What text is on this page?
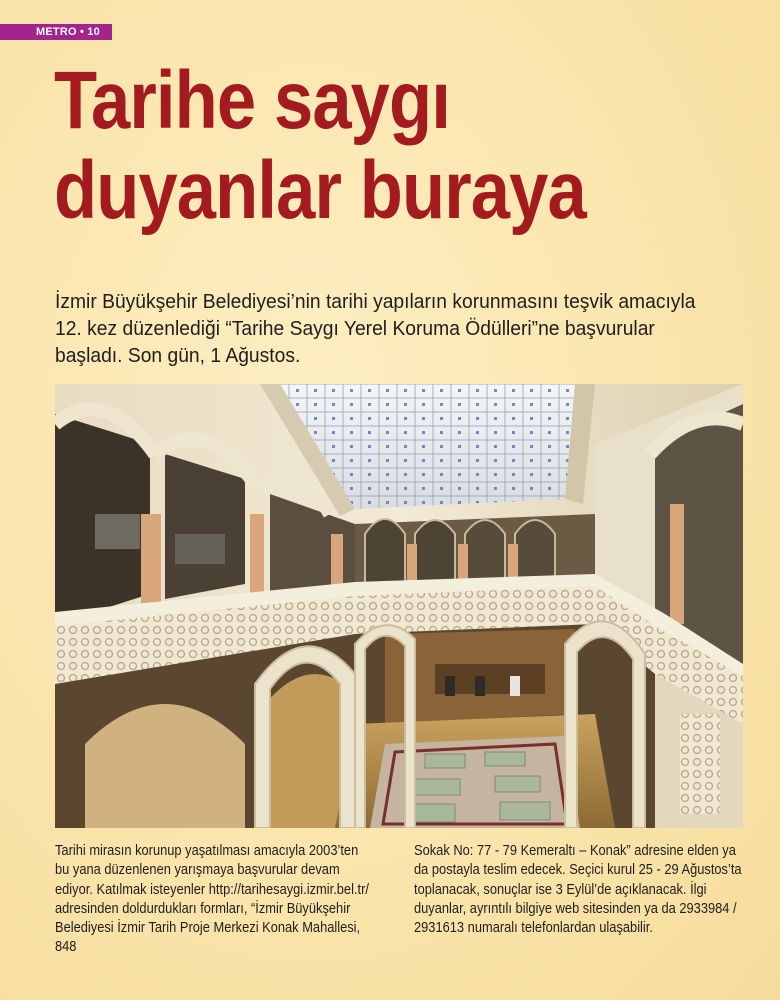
METRO • 10
Tarihe saygı
duyanlar buraya

İzmir Büyükşehir Belediyesi’nin tarihi yapıların korunmasını teşvik amacıyla 12. kez düzenlediği “Tarihe Saygı Yerel Koruma Ödülleri”ne başvurular başladı. Son gün, 1 Ağustos.

Tarihi mirasın korunup yaşatılması amacıyla 2003’ten bu yana düzenlenen yarışmaya başvurular devam ediyor. Katılmak isteyenler http://tarihesaygi.izmir.bel.tr/ adresinden doldurdukları formları, “İzmir Büyükşehir Belediyesi İzmir Tarih Proje Merkezi Konak Mahallesi, 848

Sokak No: 77 - 79 Kemeraltı – Konak” adresine elden ya da postayla teslim edecek. Seçici kurul 25 - 29 Ağustos’ta toplanacak, sonuçlar ise 3 Eylül’de açıklanacak. İlgi duyanlar, ayrıntılı bilgiye web sitesinden ya da 2933984 / 2931613 numaralı telefonlardan ulaşabilir.
